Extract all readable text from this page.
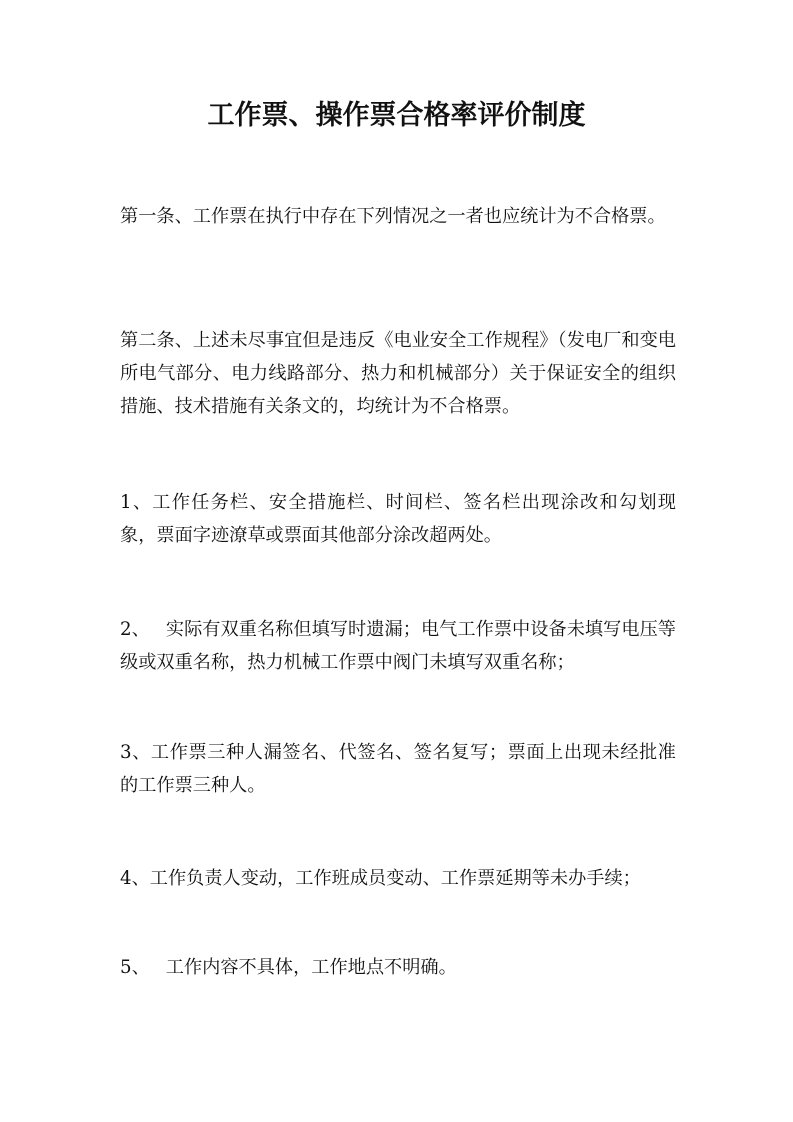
工作票、操作票合格率评价制度

第一条、工作票在执行中存在下列情况之一者也应统计为不合格票。

第二条、上述未尽事宜但是违反《电业安全工作规程》（发电厂和变电所电气部分、电力线路部分、热力和机械部分）关于保证安全的组织措施、技术措施有关条文的，均统计为不合格票。

1、工作任务栏、安全措施栏、时间栏、签名栏出现涂改和勾划现象，票面字迹潦草或票面其他部分涂改超两处。

2、 实际有双重名称但填写时遗漏；电气工作票中设备未填写电压等级或双重名称，热力机械工作票中阀门未填写双重名称；

3、工作票三种人漏签名、代签名、签名复写；票面上出现未经批准的工作票三种人。

4、工作负责人变动，工作班成员变动、工作票延期等未办手续；

5、 工作内容不具体，工作地点不明确。
